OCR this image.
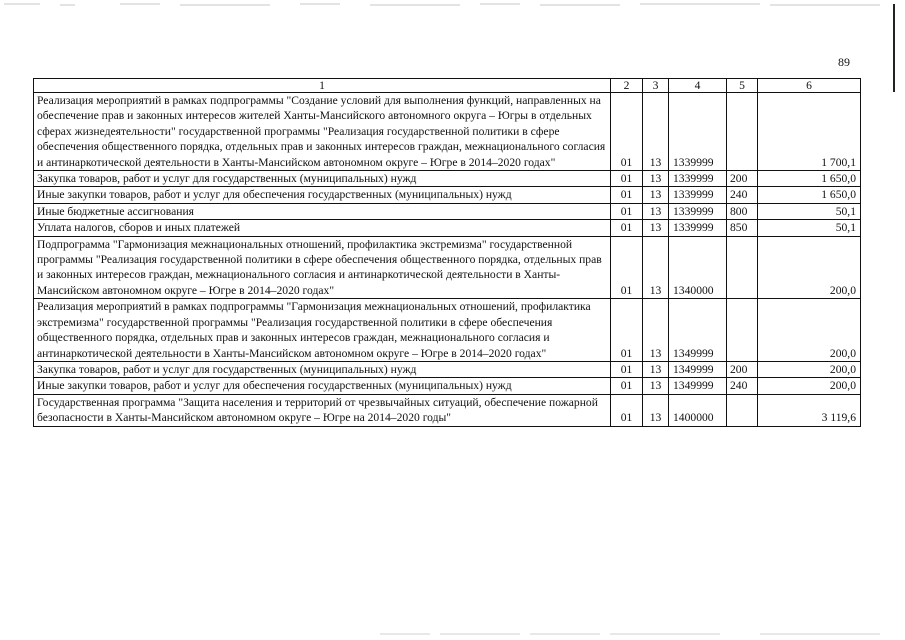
89
1	2	3	4	5	6
Реализация мероприятий в рамках подпрограммы "Создание условий для выполнения функций, направленных на обеспечение прав и законных интересов жителей Ханты-Мансийского автономного округа – Югры в отдельных сферах жизнедеятельности" государственной программы "Реализация государственной политики в сфере обеспечения общественного порядка, отдельных прав и законных интересов граждан, межнационального согласия и антинаркотической деятельности в Ханты-Мансийском автономном округе – Югре в 2014–2020 годах"	01	13	1339999		1 700,1
Закупка товаров, работ и услуг для государственных (муниципальных) нужд	01	13	1339999	200	1 650,0
Иные закупки товаров, работ и услуг для обеспечения государственных (муниципальных) нужд	01	13	1339999	240	1 650,0
Иные бюджетные ассигнования	01	13	1339999	800	50,1
Уплата налогов, сборов и иных платежей	01	13	1339999	850	50,1
Подпрограмма "Гармонизация межнациональных отношений, профилактика экстремизма" государственной программы "Реализация государственной политики в сфере обеспечения общественного порядка, отдельных прав и законных интересов граждан, межнационального согласия и антинаркотической деятельности в Ханты-Мансийском автономном округе – Югре в 2014–2020 годах"	01	13	1340000		200,0
Реализация мероприятий в рамках подпрограммы "Гармонизация межнациональных отношений, профилактика экстремизма" государственной программы "Реализация государственной политики в сфере обеспечения общественного порядка, отдельных прав и законных интересов граждан, межнационального согласия и антинаркотической деятельности в Ханты-Мансийском автономном округе – Югре в 2014–2020 годах"	01	13	1349999		200,0
Закупка товаров, работ и услуг для государственных (муниципальных) нужд	01	13	1349999	200	200,0
Иные закупки товаров, работ и услуг для обеспечения государственных (муниципальных) нужд	01	13	1349999	240	200,0
Государственная программа "Защита населения и территорий от чрезвычайных ситуаций, обеспечение пожарной безопасности в Ханты-Мансийском автономном округе – Югре на 2014–2020 годы"	01	13	1400000		3 119,6
